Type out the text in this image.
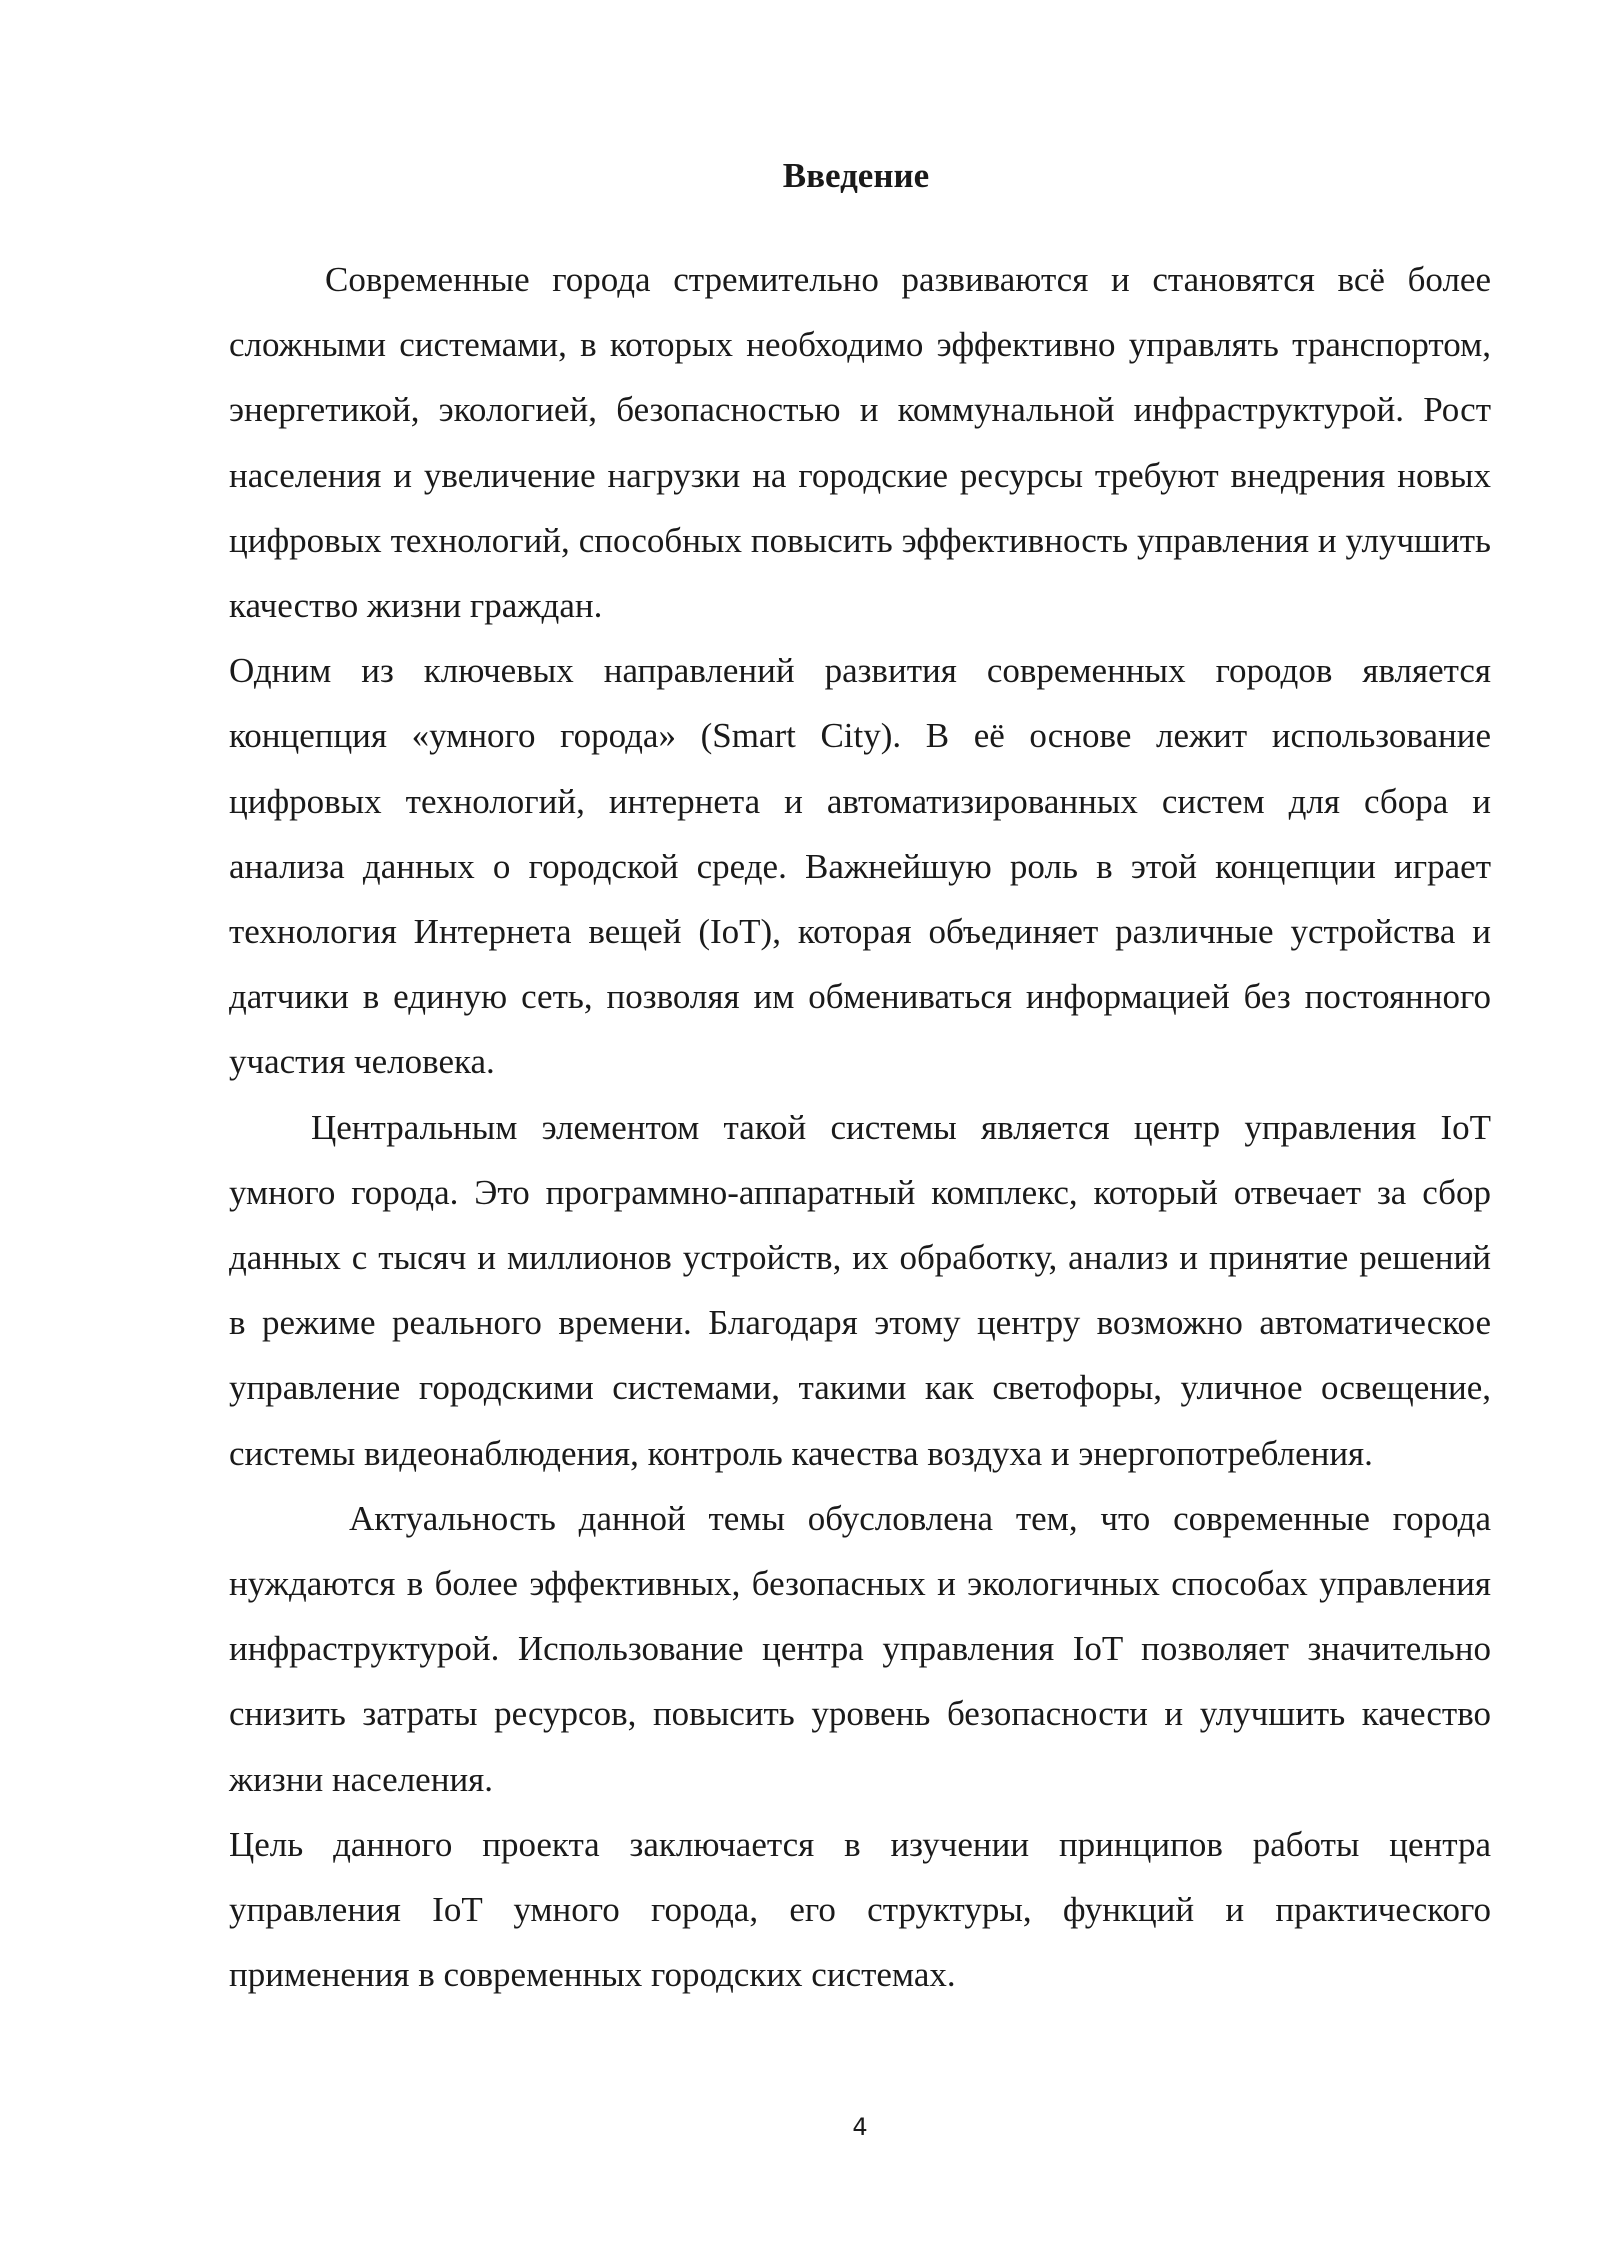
Введение

Современные города стремительно развиваются и становятся всё более сложными системами, в которых необходимо эффективно управлять транспортом, энергетикой, экологией, безопасностью и коммунальной инфраструктурой. Рост населения и увеличение нагрузки на городские ресурсы требуют внедрения новых цифровых технологий, способных повысить эффективность управления и улучшить качество жизни граждан.

Одним из ключевых направлений развития современных городов является концепция «умного города» (Smart City). В её основе лежит использование цифровых технологий, интернета и автоматизированных систем для сбора и анализа данных о городской среде. Важнейшую роль в этой концепции играет технология Интернета вещей (IoT), которая объединяет различные устройства и датчики в единую сеть, позволяя им обмениваться информацией без постоянного участия человека.

Центральным элементом такой системы является центр управления IoT умного города. Это программно-аппаратный комплекс, который отвечает за сбор данных с тысяч и миллионов устройств, их обработку, анализ и принятие решений в режиме реального времени. Благодаря этому центру возможно автоматическое управление городскими системами, такими как светофоры, уличное освещение, системы видеонаблюдения, контроль качества воздуха и энергопотребления.

Актуальность данной темы обусловлена тем, что современные города нуждаются в более эффективных, безопасных и экологичных способах управления инфраструктурой. Использование центра управления IoT позволяет значительно снизить затраты ресурсов, повысить уровень безопасности и улучшить качество жизни населения.

Цель данного проекта заключается в изучении принципов работы центра управления IoT умного города, его структуры, функций и практического применения в современных городских системах.

4
